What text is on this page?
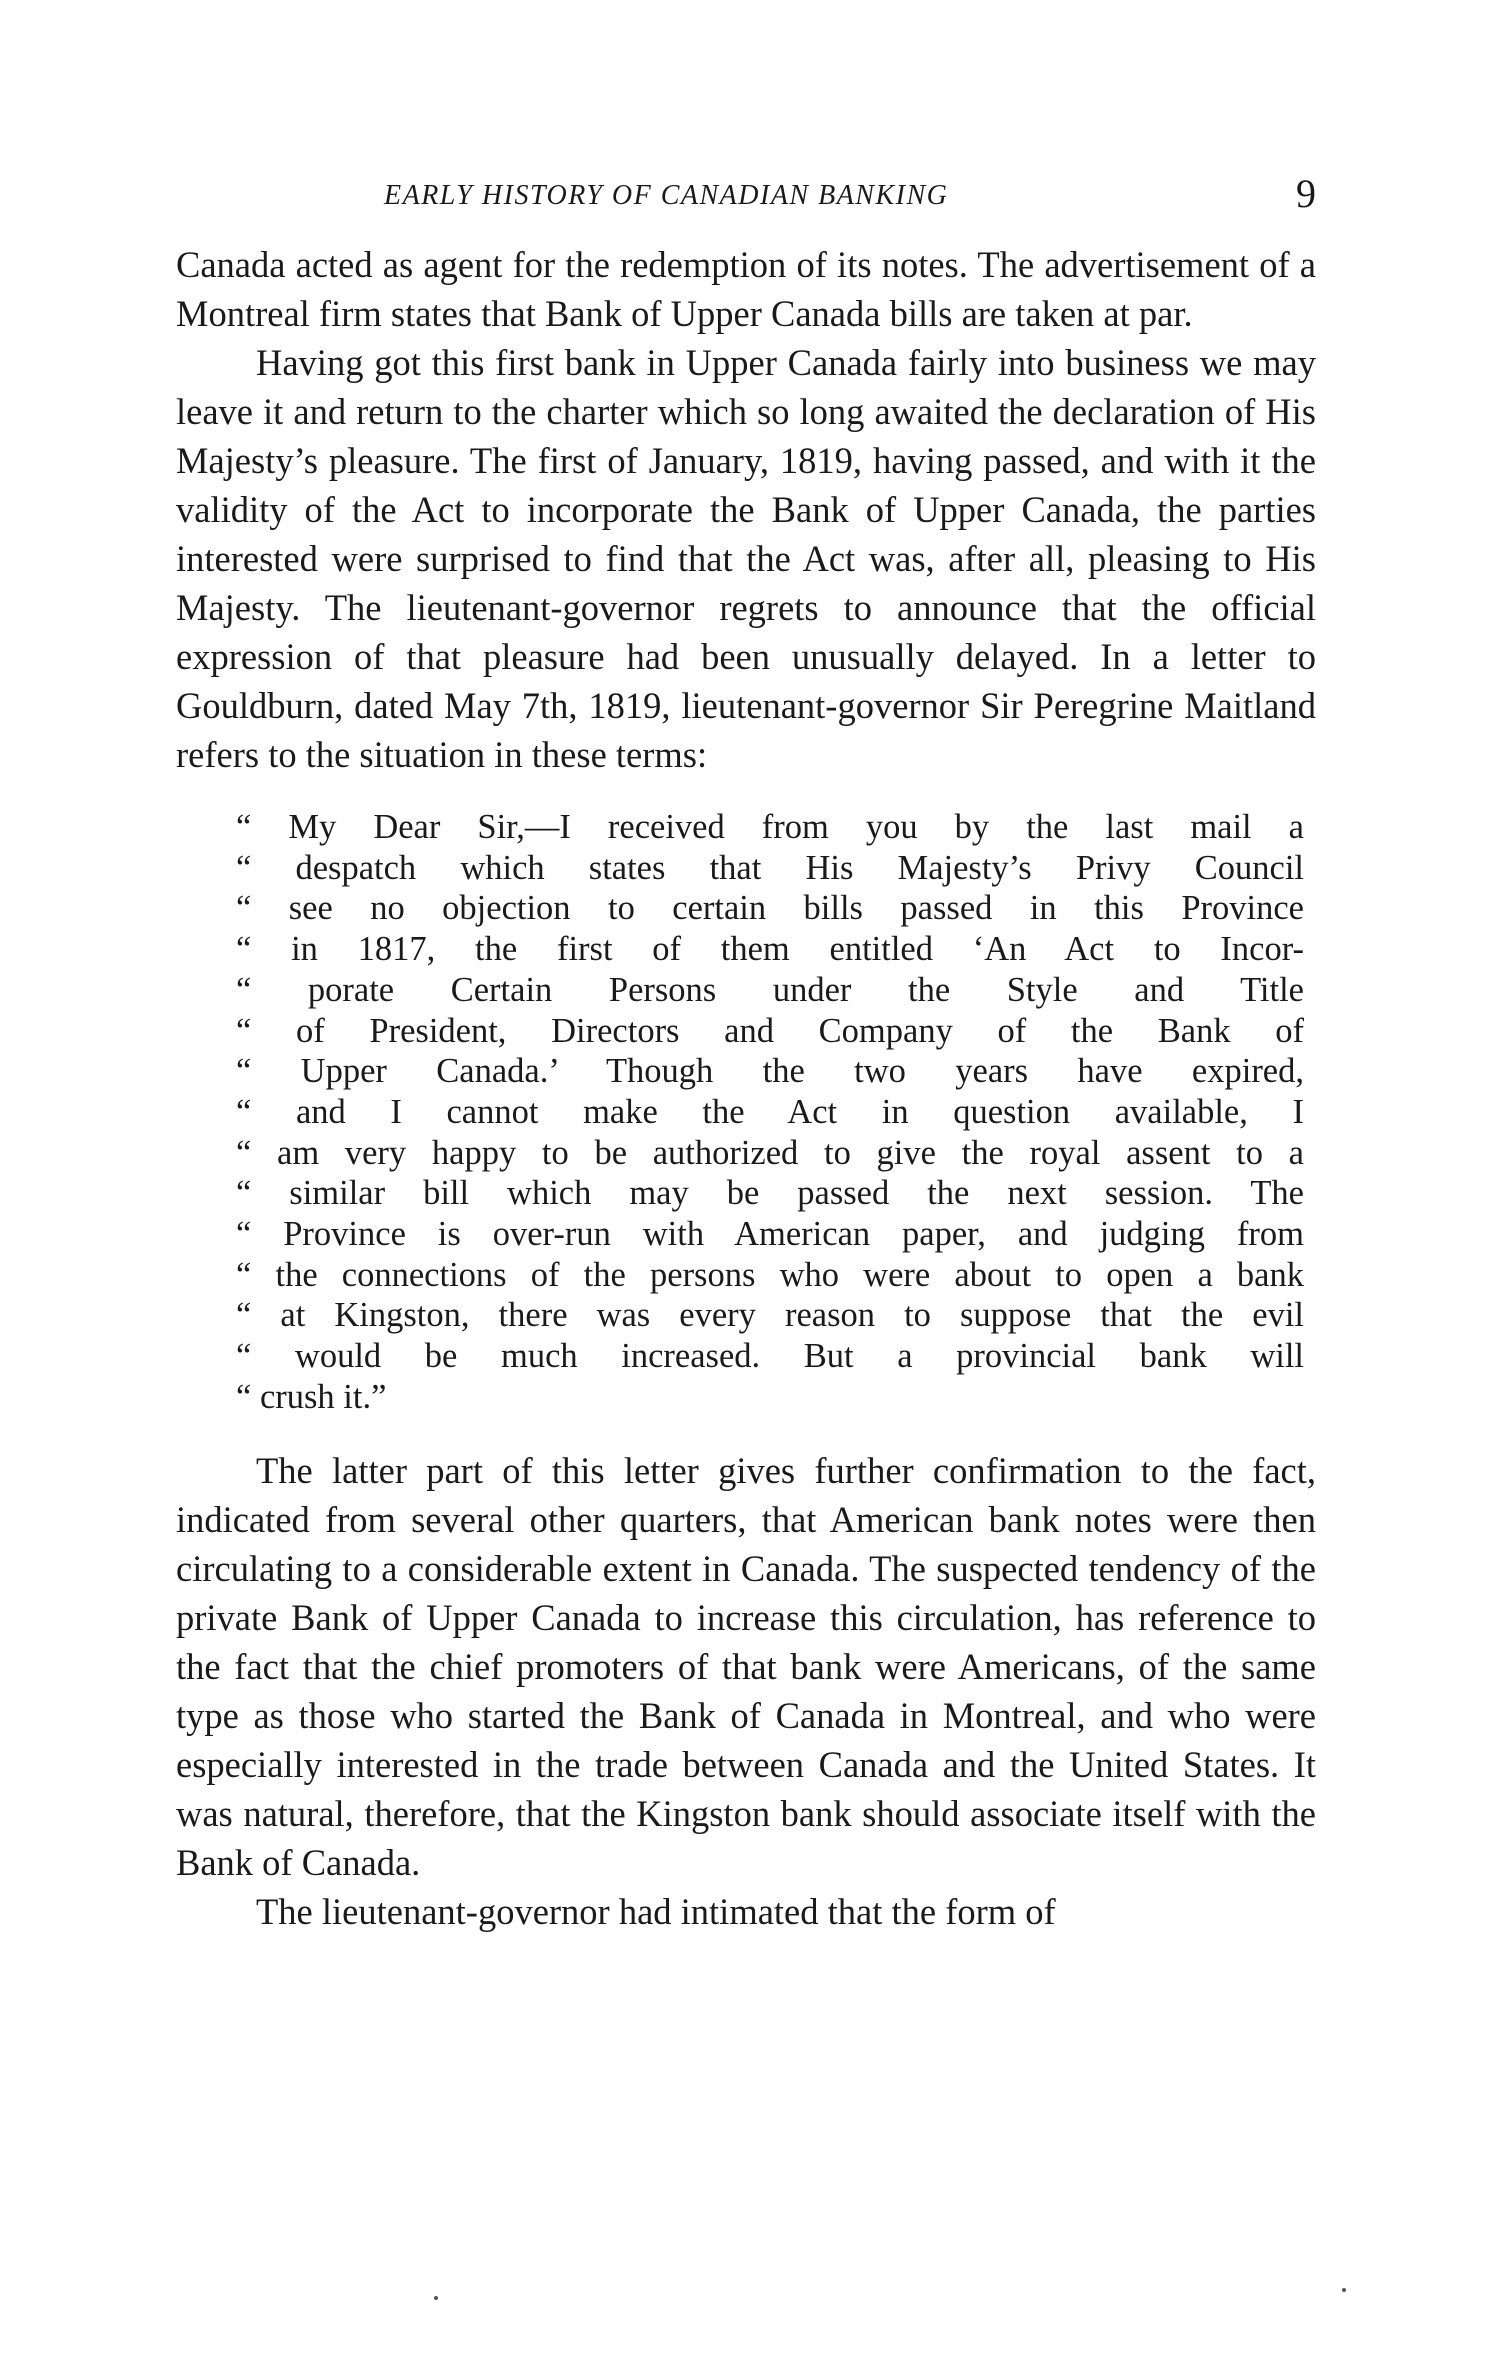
EARLY HISTORY OF CANADIAN BANKING	9

Canada acted as agent for the redemption of its notes. The advertisement of a Montreal firm states that Bank of Upper Canada bills are taken at par.

Having got this first bank in Upper Canada fairly into business we may leave it and return to the charter which so long awaited the declaration of His Majesty’s pleasure. The first of January, 1819, having passed, and with it the validity of the Act to incorporate the Bank of Upper Canada, the parties interested were surprised to find that the Act was, after all, pleasing to His Majesty. The lieutenant-governor regrets to announce that the official expression of that pleasure had been unusually delayed. In a letter to Gouldburn, dated May 7th, 1819, lieutenant-governor Sir Peregrine Maitland refers to the situation in these terms:

“ My Dear Sir,—I received from you by the last mail a
“ despatch which states that His Majesty’s Privy Council
“ see no objection to certain bills passed in this Province
“ in 1817, the first of them entitled ‘An Act to Incor-
“ porate Certain Persons under the Style and Title
“ of President, Directors and Company of the Bank of
“ Upper Canada.’ Though the two years have expired,
“ and I cannot make the Act in question available, I
“ am very happy to be authorized to give the royal assent to a
“ similar bill which may be passed the next session. The
“ Province is over-run with American paper, and judging from
“ the connections of the persons who were about to open a bank
“ at Kingston, there was every reason to suppose that the evil
“ would be much increased. But a provincial bank will
“ crush it.”

The latter part of this letter gives further confirmation to the fact, indicated from several other quarters, that American bank notes were then circulating to a considerable extent in Canada. The suspected tendency of the private Bank of Upper Canada to increase this circulation, has reference to the fact that the chief promoters of that bank were Americans, of the same type as those who started the Bank of Canada in Montreal, and who were especially interested in the trade between Canada and the United States. It was natural, therefore, that the Kingston bank should associate itself with the Bank of Canada.

The lieutenant-governor had intimated that the form of
